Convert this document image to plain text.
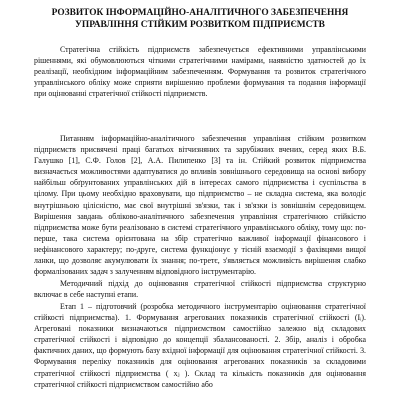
РОЗВИТОК ІНФОРМАЦІЙНО-АНАЛІТИЧНОГО ЗАБЕЗПЕЧЕННЯ
УПРАВЛІННЯ СТІЙКИМ РОЗВИТКОМ ПІДПРИЄМСТВ

Стратегічна стійкість підприємств забезпечується ефективними управлінськими рішеннями, які обумовлюються чіткими стратегічними намірами, наявністю здатностей до їх реалізації, необхідним інформаційним забезпеченням. Формування та розвиток стратегічного управлінського обліку може сприяти вирішенню проблеми формування та подання інформації при оцінюванні стратегічної стійкості підприємств.

Питанням інформаційно-аналітичного забезпечення управління стійким розвитком підприємств присвячені праці багатьох вітчизняних та зарубіжних вчених, серед яких В.Б. Галушко [1], С.Ф. Голов [2], А.А. Пилипенко [3] та ін. Стійкий розвиток підприємства визначається можливостями адаптуватися до впливів зовнішнього середовища на основі вибору найбільш обґрунтованих управлінських дій в інтересах самого підприємства і суспільства в цілому. При цьому необхідно враховувати, що підприємство – не складна система, яка володіє внутрішньою цілісністю, має свої внутрішні зв'язки, так і зв'язки із зовнішнім середовищем. Вирішення завдань обліково-аналітичного забезпечення управління стратегічною стійкістю підприємства може бути реалізовано в системі стратегічного управлінського обліку, тому що: по-перше, така система орієнтована на збір стратегічно важливої інформації фінансового і нефінансового характеру; по-друге, система функціонує у тісній взаємодії з фахівцями вищої ланки, що дозволяє акумулювати їх знання; по-третє, з'являється можливість вирішення слабко формалізованих задач з залученням відповідного інструментарію.

Методичний підхід до оцінювання стратегічної стійкості підприємства структурно включає в себе наступні етапи.

Етап 1 – підготовчий (розробка методичного інструментарію оцінювання стратегічної стійкості підприємства). 1. Формування агрегованих показників стратегічної стійкості (Iᵢ). Агреговані показники визначаються підприємством самостійно залежно від складових стратегічної стійкості і відповідно до концепції збалансованості. 2. Збір, аналіз і обробка фактичних даних, що формують базу вхідної інформації для оцінювання стратегічної стійкості. 3. Формування переліку показників для оцінювання агрегованих показників за складовими стратегічної стійкості підприємства ( xⱼ ). Склад та кількість показників для оцінювання стратегічної стійкості підприємством самостійно або
